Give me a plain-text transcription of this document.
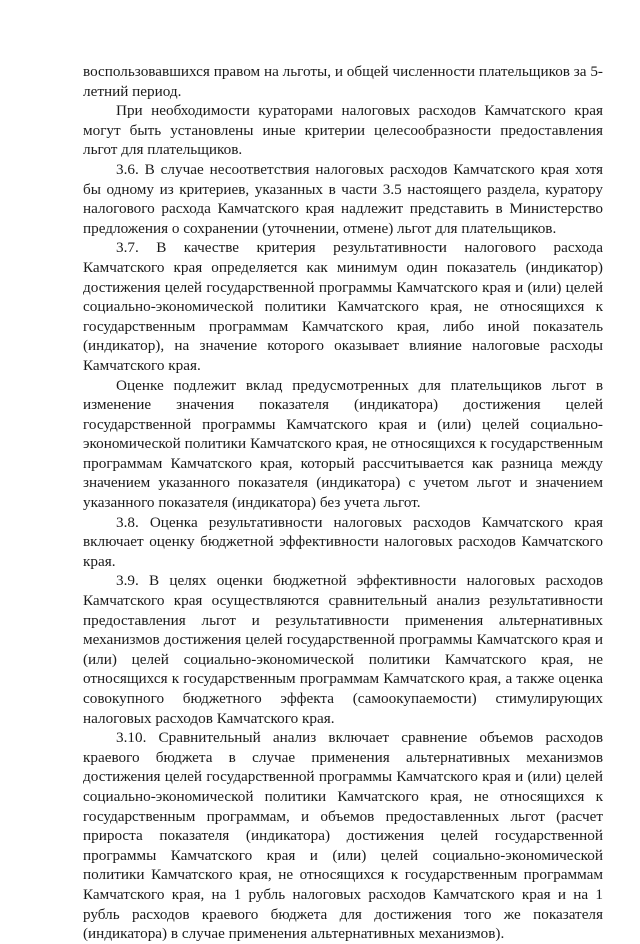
воспользовавшихся правом на льготы, и общей численности плательщиков за 5-летний период.

При необходимости кураторами налоговых расходов Камчатского края могут быть установлены иные критерии целесообразности предоставления льгот для плательщиков.

3.6. В случае несоответствия налоговых расходов Камчатского края хотя бы одному из критериев, указанных в части 3.5 настоящего раздела, куратору налогового расхода Камчатского края надлежит представить в Министерство предложения о сохранении (уточнении, отмене) льгот для плательщиков.

3.7. В качестве критерия результативности налогового расхода Камчатского края определяется как минимум один показатель (индикатор) достижения целей государственной программы Камчатского края и (или) целей социально-экономической политики Камчатского края, не относящихся к государственным программам Камчатского края, либо иной показатель (индикатор), на значение которого оказывает влияние налоговые расходы Камчатского края.

Оценке подлежит вклад предусмотренных для плательщиков льгот в изменение значения показателя (индикатора) достижения целей государственной программы Камчатского края и (или) целей социально-экономической политики Камчатского края, не относящихся к государственным программам Камчатского края, который рассчитывается как разница между значением указанного показателя (индикатора) с учетом льгот и значением указанного показателя (индикатора) без учета льгот.

3.8. Оценка результативности налоговых расходов Камчатского края включает оценку бюджетной эффективности налоговых расходов Камчатского края.

3.9. В целях оценки бюджетной эффективности налоговых расходов Камчатского края осуществляются сравнительный анализ результативности предоставления льгот и результативности применения альтернативных механизмов достижения целей государственной программы Камчатского края и (или) целей социально-экономической политики Камчатского края, не относящихся к государственным программам Камчатского края, а также оценка совокупного бюджетного эффекта (самоокупаемости) стимулирующих налоговых расходов Камчатского края.

3.10. Сравнительный анализ включает сравнение объемов расходов краевого бюджета в случае применения альтернативных механизмов достижения целей государственной программы Камчатского края и (или) целей социально-экономической политики Камчатского края, не относящихся к государственным программам, и объемов предоставленных льгот (расчет прироста показателя (индикатора) достижения целей государственной программы Камчатского края и (или) целей социально-экономической политики Камчатского края, не относящихся к государственным программам Камчатского края, на 1 рубль налоговых расходов Камчатского края и на 1 рубль расходов краевого бюджета для достижения того же показателя (индикатора) в случае применения альтернативных механизмов).
